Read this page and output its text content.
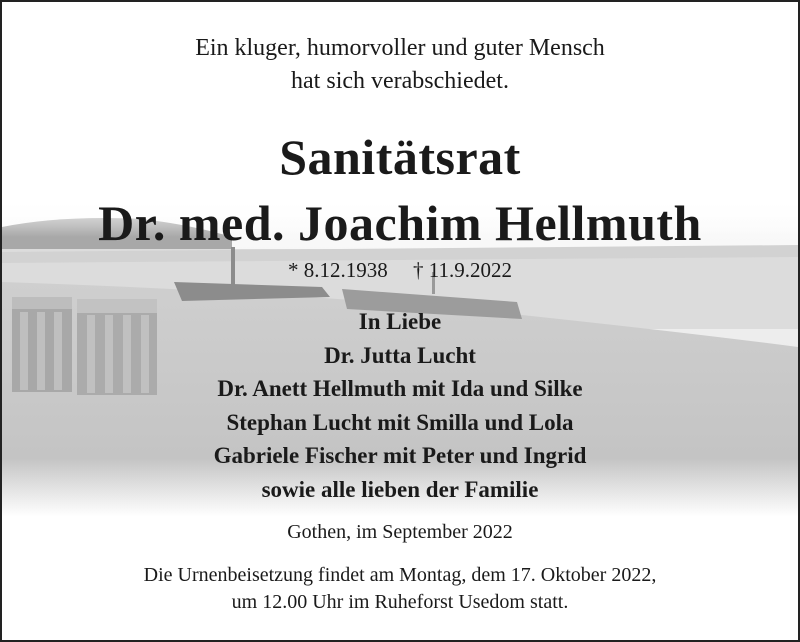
Ein kluger, humorvoller und guter Mensch
hat sich verabschiedet.
Sanitätsrat
Dr. med. Joachim Hellmuth
* 8.12.1938 † 11.9.2022
In Liebe
Dr. Jutta Lucht
Dr. Anett Hellmuth mit Ida und Silke
Stephan Lucht mit Smilla und Lola
Gabriele Fischer mit Peter und Ingrid
sowie alle lieben der Familie
Gothen, im September 2022
Die Urnenbeisetzung findet am Montag, dem 17. Oktober 2022,
um 12.00 Uhr im Ruheforst Usedom statt.
